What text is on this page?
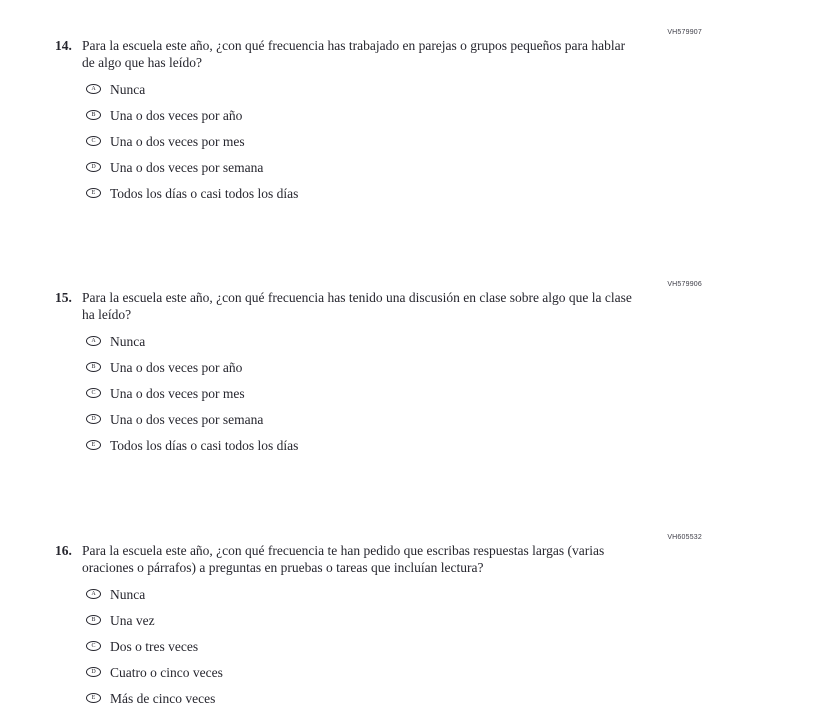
VH579907
14. Para la escuela este año, ¿con qué frecuencia has trabajado en parejas o grupos pequeños para hablar de algo que has leído?

A Nunca
B Una o dos veces por año
C Una o dos veces por mes
D Una o dos veces por semana
E Todos los días o casi todos los días
VH579906
15. Para la escuela este año, ¿con qué frecuencia has tenido una discusión en clase sobre algo que la clase ha leído?

A Nunca
B Una o dos veces por año
C Una o dos veces por mes
D Una o dos veces por semana
E Todos los días o casi todos los días
VH605532
16. Para la escuela este año, ¿con qué frecuencia te han pedido que escribas respuestas largas (varias oraciones o párrafos) a preguntas en pruebas o tareas que incluían lectura?

A Nunca
B Una vez
C Dos o tres veces
D Cuatro o cinco veces
E Más de cinco veces
